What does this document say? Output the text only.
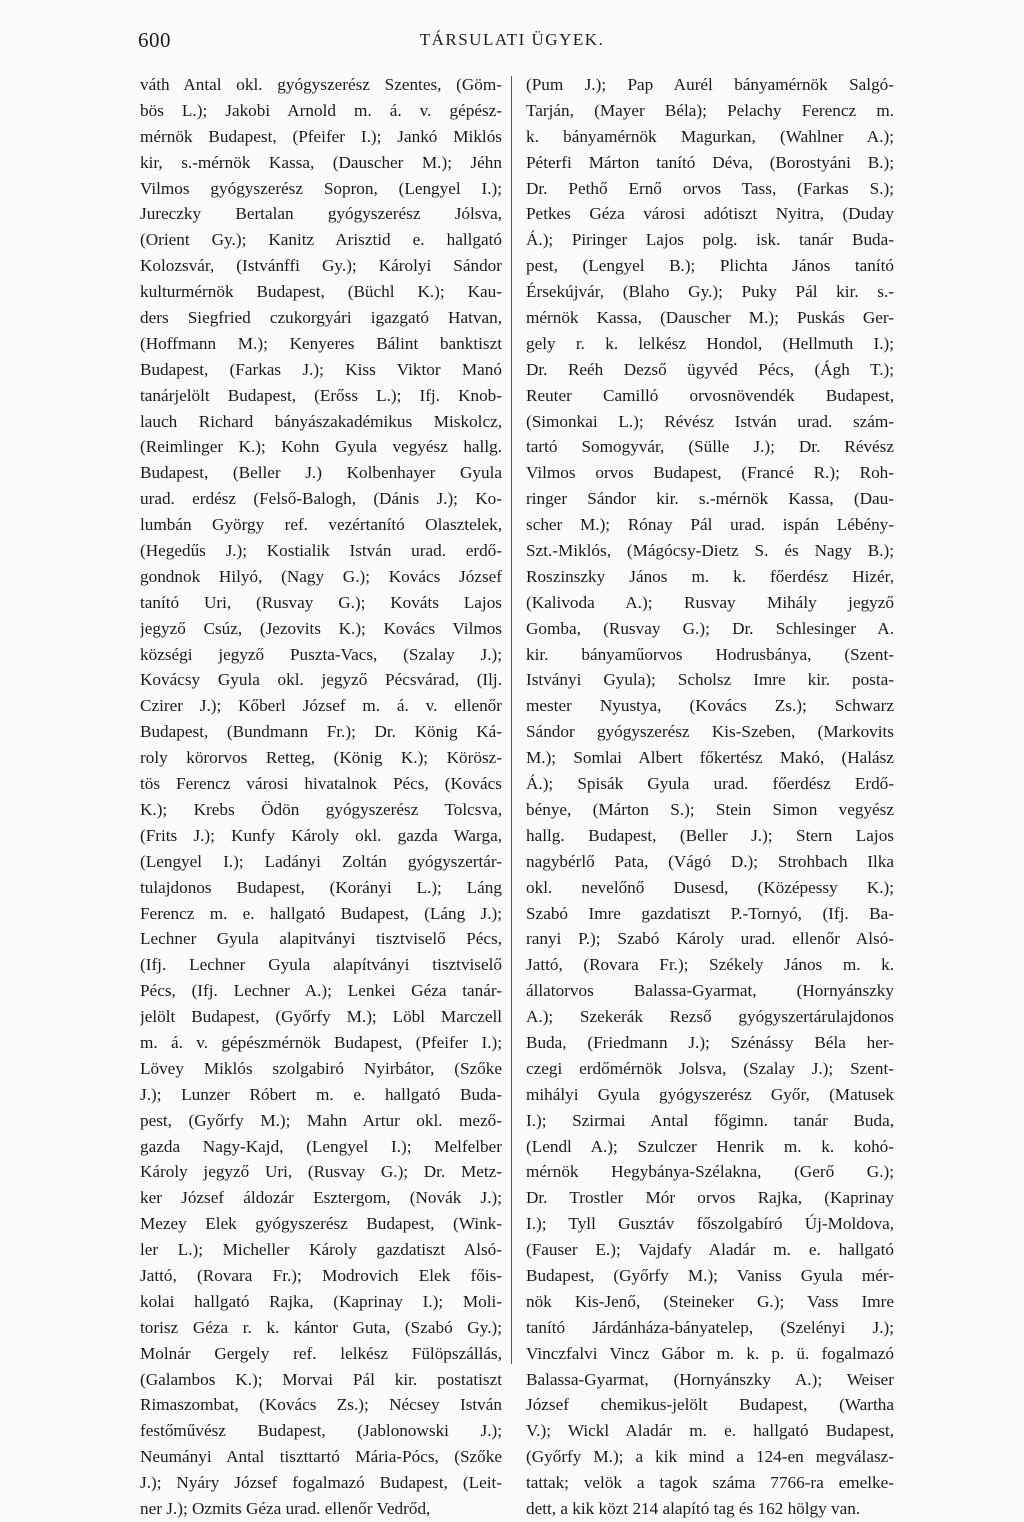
600	TÁRSULATI ÜGYEK.
váth Antal okl. gyógyszerész Szentes, (Göm-
bös L.); Jakobi Arnold m. á. v. gépész-
mérnök Budapest, (Pfeifer I.); Jankó Miklós
kir, s.-mérnök Kassa, (Dauscher M.); Jéhn
Vilmos gyógyszerész Sopron, (Lengyel I.);
Jureczky Bertalan gyógyszerész Jólsva,
(Orient Gy.); Kanitz Arisztid e. hallgató
Kolozsvár, (Istvánffi Gy.); Károlyi Sándor
kulturmérnök Budapest, (Büchl K.); Kau-
ders Siegfried czukorgyári igazgató Hatvan,
(Hoffmann M.); Kenyeres Bálint banktiszt
Budapest, (Farkas J.); Kiss Viktor Manó
tanárjelölt Budapest, (Erőss L.); Ifj. Knob-
lauch Richard bányászakadémikus Miskolcz,
(Reimlinger K.); Kohn Gyula vegyész hallg.
Budapest, (Beller J.) Kolbenhayer Gyula
urad. erdész (Felső-Balogh, (Dánis J.); Ko-
lumbán György ref. vezértanító Olasztelek,
(Hegedűs J.); Kostialik István urad. erdő-
gondnok Hilyó, (Nagy G.); Kovács József
tanító Uri, (Rusvay G.); Kováts Lajos
jegyző Csúz, (Jezovits K.); Kovács Vilmos
községi jegyző Puszta-Vacs, (Szalay J.);
Kovácsy Gyula okl. jegyző Pécsvárad, (Ilj.
Czirer J.); Kőberl József m. á. v. ellenőr
Budapest, (Bundmann Fr.); Dr. König Ká-
roly körorvos Retteg, (König K.); Körösz-
tös Ferencz városi hivatalnok Pécs, (Kovács
K.); Krebs Ödön gyógyszerész Tolcsva,
(Frits J.); Kunfy Károly okl. gazda Warga,
(Lengyel I.); Ladányi Zoltán gyógyszertár-
tulajdonos Budapest, (Korányi L.); Láng
Ferencz m. e. hallgató Budapest, (Láng J.);
Lechner Gyula alapitványi tisztviselő Pécs,
(Ifj. Lechner Gyula alapítványi tisztviselő
Pécs, (Ifj. Lechner A.); Lenkei Géza tanár-
jelölt Budapest, (Győrfy M.); Löbl Marczell
m. á. v. gépészmérnök Budapest, (Pfeifer I.);
Lövey Miklós szolgabiró Nyirbátor, (Szőke
J.); Lunzer Róbert m. e. hallgató Buda-
pest, (Győrfy M.); Mahn Artur okl. mező-
gazda Nagy-Kajd, (Lengyel I.); Melfelber
Károly jegyző Uri, (Rusvay G.); Dr. Metz-
ker József áldozár Esztergom, (Novák J.);
Mezey Elek gyógyszerész Budapest, (Wink-
ler L.); Micheller Károly gazdatiszt Alsó-
Jattó, (Rovara Fr.); Modrovich Elek főis-
kolai hallgató Rajka, (Kaprinay I.); Moli-
torisz Géza r. k. kántor Guta, (Szabó Gy.);
Molnár Gergely ref. lelkész Fülöpszállás,
(Galambos K.); Morvai Pál kir. postatiszt
Rimaszombat, (Kovács Zs.); Nécsey István
festőművész Budapest, (Jablonowski J.);
Neumányi Antal tiszttartó Mária-Pócs, (Szőke
J.); Nyáry József fogalmazó Budapest, (Leit-
ner J.); Ozmits Géza urad. ellenőr Vedrőd,
(Pum J.); Pap Aurél bányamérnök Salgó-
Tarján, (Mayer Béla); Pelachy Ferencz m.
k. bányamérnök Magurkan, (Wahlner A.);
Péterfi Márton tanító Déva, (Borostyáni B.);
Dr. Pethő Ernő orvos Tass, (Farkas S.);
Petkes Géza városi adótiszt Nyitra, (Duday
Á.); Piringer Lajos polg. isk. tanár Buda-
pest, (Lengyel B.); Plichta János tanító
Érsekújvár, (Blaho Gy.); Puky Pál kir. s.-
mérnök Kassa, (Dauscher M.); Puskás Ger-
gely r. k. lelkész Hondol, (Hellmuth I.);
Dr. Reéh Dezső ügyvéd Pécs, (Ágh T.);
Reuter Camilló orvosnövendék Budapest,
(Simonkai L.); Révész István urad. szám-
tartó Somogyvár, (Sülle J.); Dr. Révész
Vilmos orvos Budapest, (Francé R.); Roh-
ringer Sándor kir. s.-mérnök Kassa, (Dau-
scher M.); Rónay Pál urad. ispán Lébény-
Szt.-Miklós, (Mágócsy-Dietz S. és Nagy B.);
Roszinszky János m. k. főerdész Hizér,
(Kalivoda A.); Rusvay Mihály jegyző
Gomba, (Rusvay G.); Dr. Schlesinger A.
kir. bányaműorvos Hodrusbánya, (Szent-
Istványi Gyula); Scholsz Imre kir. posta-
mester Nyustya, (Kovács Zs.); Schwarz
Sándor gyógyszerész Kis-Szeben, (Markovits
M.); Somlai Albert főkertész Makó, (Halász
Á.); Spisák Gyula urad. főerdész Erdő-
bénye, (Márton S.); Stein Simon vegyész
hallg. Budapest, (Beller J.); Stern Lajos
nagybérlő Pata, (Vágó D.); Strohbach Ilka
okl. nevelőnő Dusesd, (Középessy K.);
Szabó Imre gazdatiszt P.-Tornyó, (Ifj. Ba-
ranyi P.); Szabó Károly urad. ellenőr Alsó-
Jattó, (Rovara Fr.); Székely János m. k.
állatorvos Balassa-Gyarmat, (Hornyánszky
A.); Szekerák Rezső gyógyszertárulajdonos
Buda, (Friedmann J.); Szénássy Béla her-
czegi erdőmérnök Jolsva, (Szalay J.); Szent-
mihályi Gyula gyógyszerész Győr, (Matusek
I.); Szirmai Antal főgimn. tanár Buda,
(Lendl A.); Szulczer Henrik m. k. kohó-
mérnök Hegybánya-Szélakna, (Gerő G.);
Dr. Trostler Mór orvos Rajka, (Kaprinay
I.); Tyll Gusztáv főszolgabíró Új-Moldova,
(Fauser E.); Vajdafy Aladár m. e. hallgató
Budapest, (Győrfy M.); Vaniss Gyula mér-
nök Kis-Jenő, (Steineker G.); Vass Imre
tanító Járdánháza-bányatelep, (Szelényi J.);
Vinczfalvi Vincz Gábor m. k. p. ü. fogalmazó
Balassa-Gyarmat, (Hornyánszky A.); Weiser
József chemikus-jelölt Budapest, (Wartha
V.); Wickl Aladár m. e. hallgató Budapest,
(Győrfy M.); a kik mind a 124-en megválasz-
tattak; velök a tagok száma 7766-ra emelke-
dett, a kik közt 214 alapító tag és 162 hölgy van.
